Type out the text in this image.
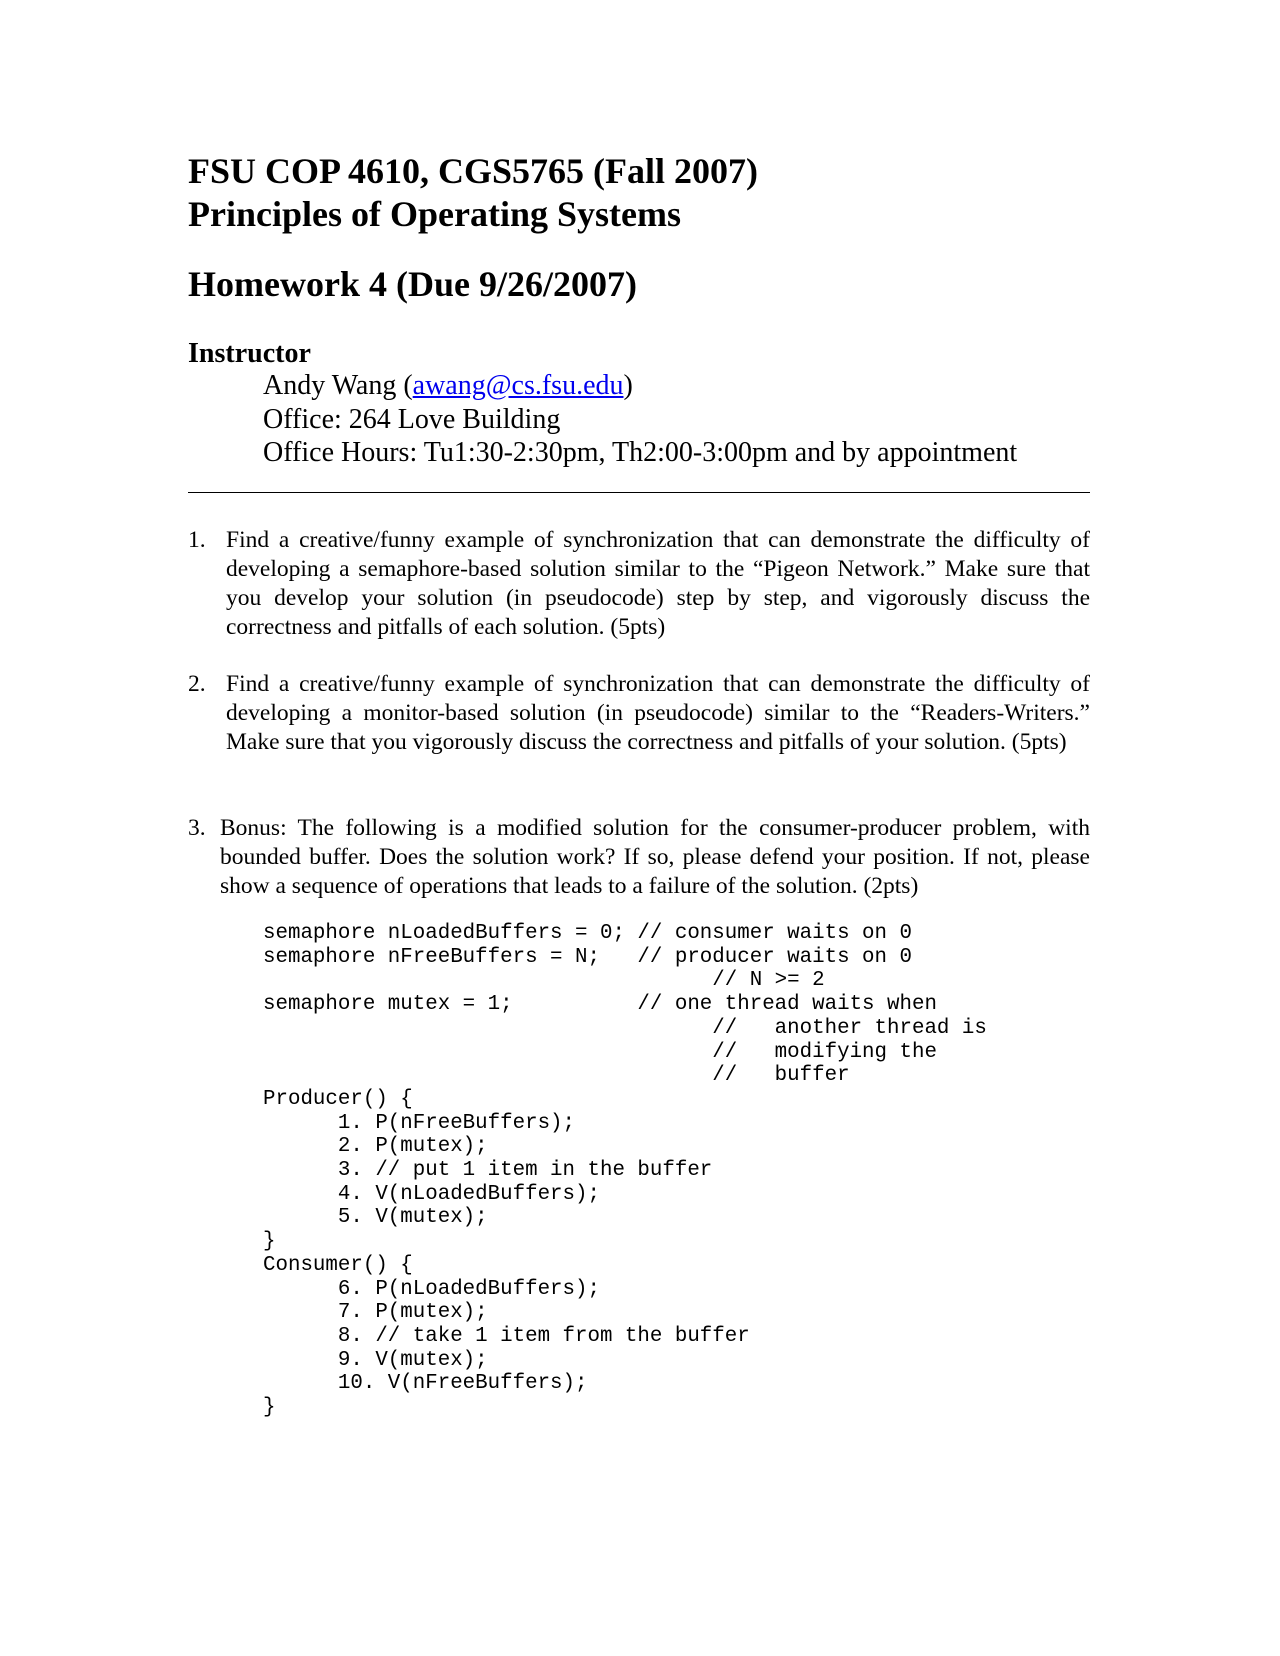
FSU COP 4610, CGS5765 (Fall 2007)
Principles of Operating Systems
Homework 4 (Due 9/26/2007)
Instructor
Andy Wang (awang@cs.fsu.edu)
Office: 264 Love Building
Office Hours: Tu1:30-2:30pm, Th2:00-3:00pm and by appointment
1. Find a creative/funny example of synchronization that can demonstrate the difficulty of developing a semaphore-based solution similar to the “Pigeon Network.” Make sure that you develop your solution (in pseudocode) step by step, and vigorously discuss the correctness and pitfalls of each solution. (5pts)
2. Find a creative/funny example of synchronization that can demonstrate the difficulty of developing a monitor-based solution (in pseudocode) similar to the “Readers-Writers.” Make sure that you vigorously discuss the correctness and pitfalls of your solution. (5pts)
3. Bonus: The following is a modified solution for the consumer-producer problem, with bounded buffer. Does the solution work? If so, please defend your position. If not, please show a sequence of operations that leads to a failure of the solution. (2pts)
semaphore nLoadedBuffers = 0; // consumer waits on 0
semaphore nFreeBuffers = N;   // producer waits on 0
// N >= 2
semaphore mutex = 1;          // one thread waits when
//   another thread is
//   modifying the
//   buffer
Producer() {
1. P(nFreeBuffers);
2. P(mutex);
3. // put 1 item in the buffer
4. V(nLoadedBuffers);
5. V(mutex);
}
Consumer() {
6. P(nLoadedBuffers);
7. P(mutex);
8. // take 1 item from the buffer
9. V(mutex);
10. V(nFreeBuffers);
}
